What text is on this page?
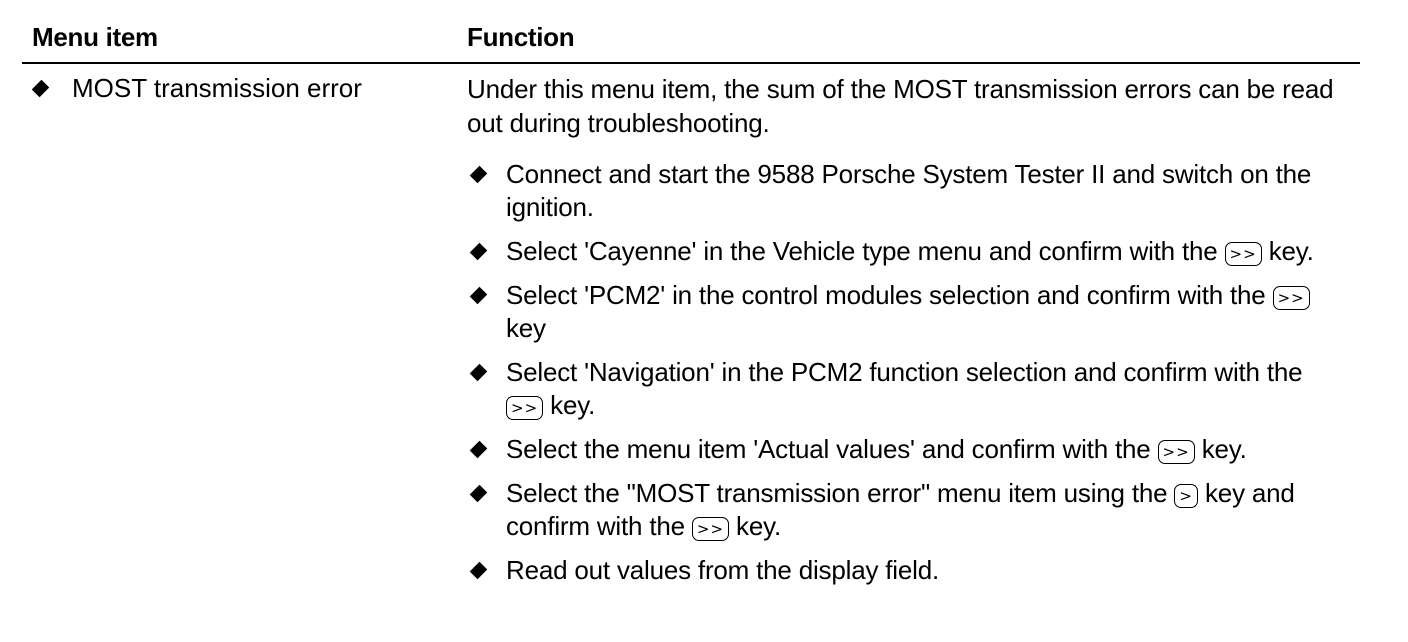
Menu item	Function
MOST transmission error	Under this menu item, the sum of the MOST transmission errors can be read out during troubleshooting.

Connect and start the 9588 Porsche System Tester II and switch on the ignition.
Select 'Cayenne' in the Vehicle type menu and confirm with the >> key.
Select 'PCM2' in the control modules selection and confirm with the >>
key
Select 'Navigation' in the PCM2 function selection and confirm with the
>> key.
Select the menu item 'Actual values' and confirm with the >> key.
Select the "MOST transmission error" menu item using the > key and confirm with the >> key.
Read out values from the display field.
